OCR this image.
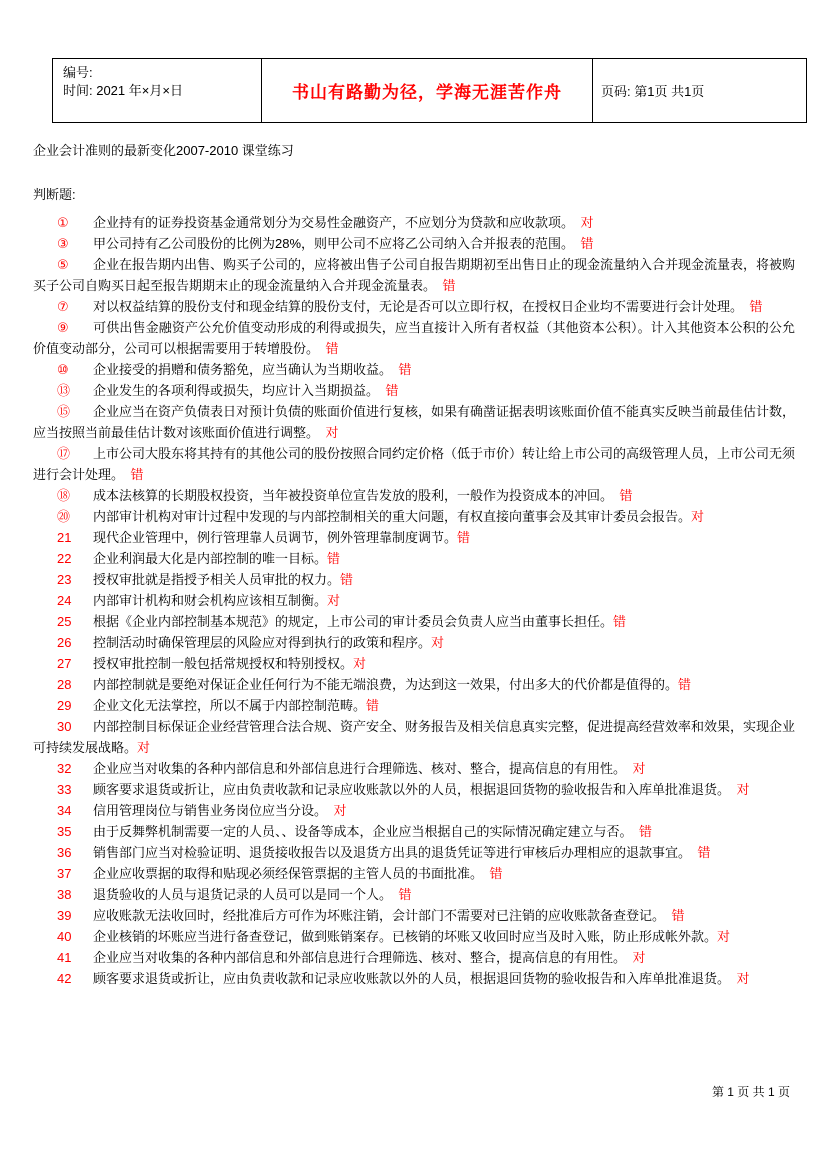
编号:
时间: 2021 年×月×日	书山有路勤为径，学海无涯苦作舟	页码: 第1页 共1页
企业会计准则的最新变化2007-2010 课堂练习
判断题:

① 企业持有的证券投资基金通常划分为交易性金融资产，不应划分为贷款和应收款项。　对

③ 甲公司持有乙公司股份的比例为28%，则甲公司不应将乙公司纳入合并报表的范围。　错

⑤ 企业在报告期内出售、购买子公司的，应将被出售子公司自报告期期初至出售日止的现金流量纳入合并现金流量表，将被购买子公司自购买日起至报告期期末止的现金流量纳入合并现金流量表。　错

⑦ 对以权益结算的股份支付和现金结算的股份支付，无论是否可以立即行权，在授权日企业均不需要进行会计处理。　错

⑨ 可供出售金融资产公允价值变动形成的利得或损失，应当直接计入所有者权益（其他资本公积）。计入其他资本公积的公允价值变动部分，公司可以根据需要用于转增股份。　错

⑩ 企业接受的捐赠和债务豁免，应当确认为当期收益。　错

⑬ 企业发生的各项利得或损失，均应计入当期损益。　错

⑮ 企业应当在资产负债表日对预计负债的账面价值进行复核，如果有确凿证据表明该账面价值不能真实反映当前最佳估计数，应当按照当前最佳估计数对该账面价值进行调整。　对

⑰ 上市公司大股东将其持有的其他公司的股份按照合同约定价格（低于市价）转让给上市公司的高级管理人员，上市公司无须进行会计处理。　错

⑱ 成本法核算的长期股权投资，当年被投资单位宣告发放的股利，一般作为投资成本的冲回。　错

⑳ 内部审计机构对审计过程中发现的与内部控制相关的重大问题，有权直接向董事会及其审计委员会报告。对

21 现代企业管理中，例行管理靠人员调节，例外管理靠制度调节。错

22 企业利润最大化是内部控制的唯一目标。错

23 授权审批就是指授予相关人员审批的权力。错

24 内部审计机构和财会机构应该相互制衡。对

25 根据《企业内部控制基本规范》的规定，上市公司的审计委员会负责人应当由董事长担任。错

26 控制活动时确保管理层的风险应对得到执行的政策和程序。对

27 授权审批控制一般包括常规授权和特别授权。对

28 内部控制就是要绝对保证企业任何行为不能无端浪费，为达到这一效果，付出多大的代价都是值得的。错

29 企业文化无法掌控，所以不属于内部控制范畴。错

30 内部控制目标保证企业经营管理合法合规、资产安全、财务报告及相关信息真实完整，促进提高经营效率和效果，实现企业可持续发展战略。对

32 企业应当对收集的各种内部信息和外部信息进行合理筛选、核对、整合，提高信息的有用性。　对

33 顾客要求退货或折让，应由负责收款和记录应收账款以外的人员，根据退回货物的验收报告和入库单批准退货。　对

34 信用管理岗位与销售业务岗位应当分设。　对

35 由于反舞弊机制需要一定的人员、、设备等成本，企业应当根据自己的实际情况确定建立与否。　错

36 销售部门应当对检验证明、退货接收报告以及退货方出具的退货凭证等进行审核后办理相应的退款事宜。　错

37 企业应收票据的取得和贴现必须经保管票据的主管人员的书面批准。　错

38 退货验收的人员与退货记录的人员可以是同一个人。　错

39 应收账款无法收回时，经批准后方可作为坏账注销，会计部门不需要对已注销的应收账款备查登记。　错

40 企业核销的坏账应当进行备查登记，做到账销案存。已核销的坏账又收回时应当及时入账，防止形成帐外款。对

41 企业应当对收集的各种内部信息和外部信息进行合理筛选、核对、整合，提高信息的有用性。　对

42 顾客要求退货或折让，应由负责收款和记录应收账款以外的人员，根据退回货物的验收报告和入库单批准退货。　对

第 1 页 共 1 页
